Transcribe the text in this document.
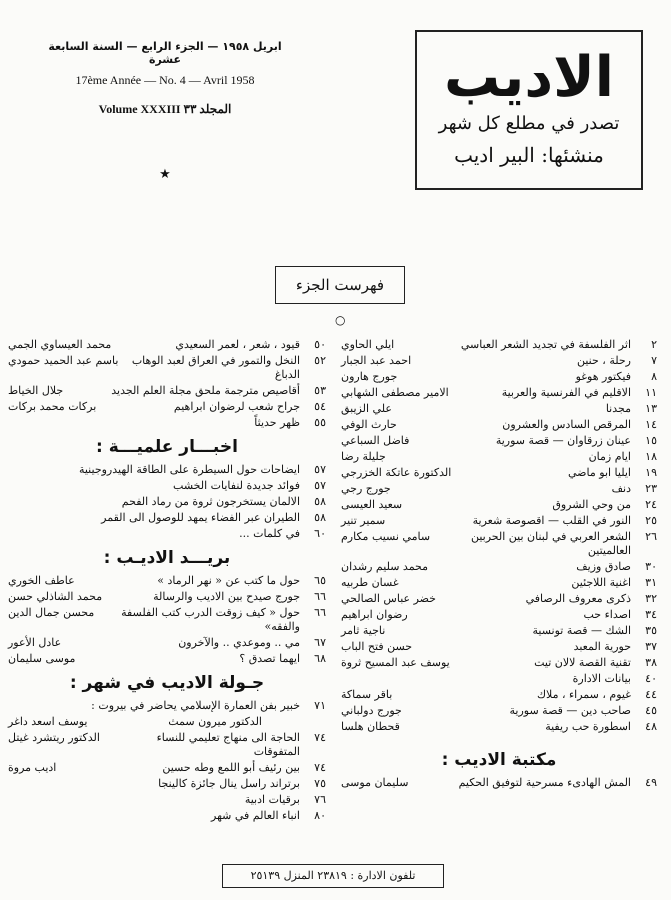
الاديب
تصدر في مطلع كل شهر
منشئها: البير اديب
ابريل ١٩٥٨ — الجزء الرابع — السنة السابعة عشرة
17ème Année — No. 4 — Avril 1958
Volume XXXIII المجلد ٣٣
★
فهرست الجزء
○
٢
اثر الفلسفة في تجديد الشعر العباسي
ايلي الحاوي
٧
رحلة ، حنين
احمد عبد الجبار
٨
فيكتور هوغو
جورج هارون
١١
الاقليم في الفرنسية والعربية
الامير مصطفى الشهابي
١٣
مجدنا
علي الزيبق
١٤
المرقص السادس والعشرون
حارث الوفي
١٥
عينان زرقاوان — قصة سورية
فاضل السباعي
١٨
ايام زمان
جليلة رضا
١٩
ايليا ابو ماضي
الدكتورة عاتكة الخزرجي
٢٣
دنف
جورج رجي
٢٤
من وحي الشروق
سعيد العيسى
٢٥
النور في القلب — اقصوصة شعرية
سمير تنير
٢٦
الشعر العربي في لبنان بين الحربين العالميتين
سامي نسيب مكارم
٣٠
صادق وزيف
محمد سليم رشدان
٣١
اغنية اللاجئين
غسان طربيه
٣٢
ذكرى معروف الرصافي
خضر عباس الصالحي
٣٤
اصداء حب
رضوان ابراهيم
٣٥
الشك — قصة تونسية
ناجية ثامر
٣٧
حورية المعبد
حسن فتح الباب
٣٨
تقنية القصة لالان تيت
يوسف عبد المسيح ثروة
٤٠
بيانات الادارة
٤٤
غيوم ، سمراء ، ملاك
باقر سماكة
٤٥
صاحب دين — قصة سورية
جورج دولباني
٤٨
اسطورة حب ريفية
قحطان هلسا
مكتبة الاديب :
٤٩
المش الهادىء مسرحية لتوفيق الحكيم
سليمان موسى
٥٠
قيود ، شعر ، لعمر السعيدي
محمد العيساوي الجمي
٥٢
النخل والتمور في العراق لعبد الوهاب الدباغ
باسم عبد الحميد حمودي
٥٣
أقاصيص مترجمة ملحق مجلة العلم الجديد
جلال الخياط
٥٤
جراح شعب لرضوان ابراهيم
بركات محمد بركات
٥٥
ظهر حديثاً
اخبـــار علميـــة :
٥٧
ايضاحات حول السيطرة على الطاقة الهيدروجينية
٥٧
فوائد جديدة لنفايات الخشب
٥٨
الالمان يستخرجون ثروة من رماد الفحم
٥٨
الطيران عبر الفضاء يمهد للوصول الى القمر
٦٠
في كلمات ...
بريـــد الاديـب :
٦٥
حول ما كتب عن « نهر الرماد »
عاطف الخوري
٦٦
جورج صيدح بين الاديب والرسالة
محمد الشاذلي حسن
٦٦
حول « كيف زوقت الدرب كتب الفلسفة والفقه»
محسن جمال الدين
٦٧
مي .. وموعدي .. والآخرون
عادل الأعور
٦٨
ايهما تصدق ؟
موسى سليمان
جـولة الاديب في شهر :
٧١
خبير بفن العمارة الإسلامي يحاضر في بيروت :
الدكتور ميرون سمث
يوسف اسعد داغر
٧٤
الحاجة الى منهاج تعليمي للنساء المتفوقات
الدكتور ريتشرد غيتل
٧٤
بين رئيف أبو اللمع وطه حسين
اديب مروة
٧٥
برتراند راسل ينال جائزة كالينجا
٧٦
برقيات ادبية
٨٠
انباء العالم في شهر
تلفون الادارة : ٢٣٨١٩ المنزل ٢٥١٣٩
